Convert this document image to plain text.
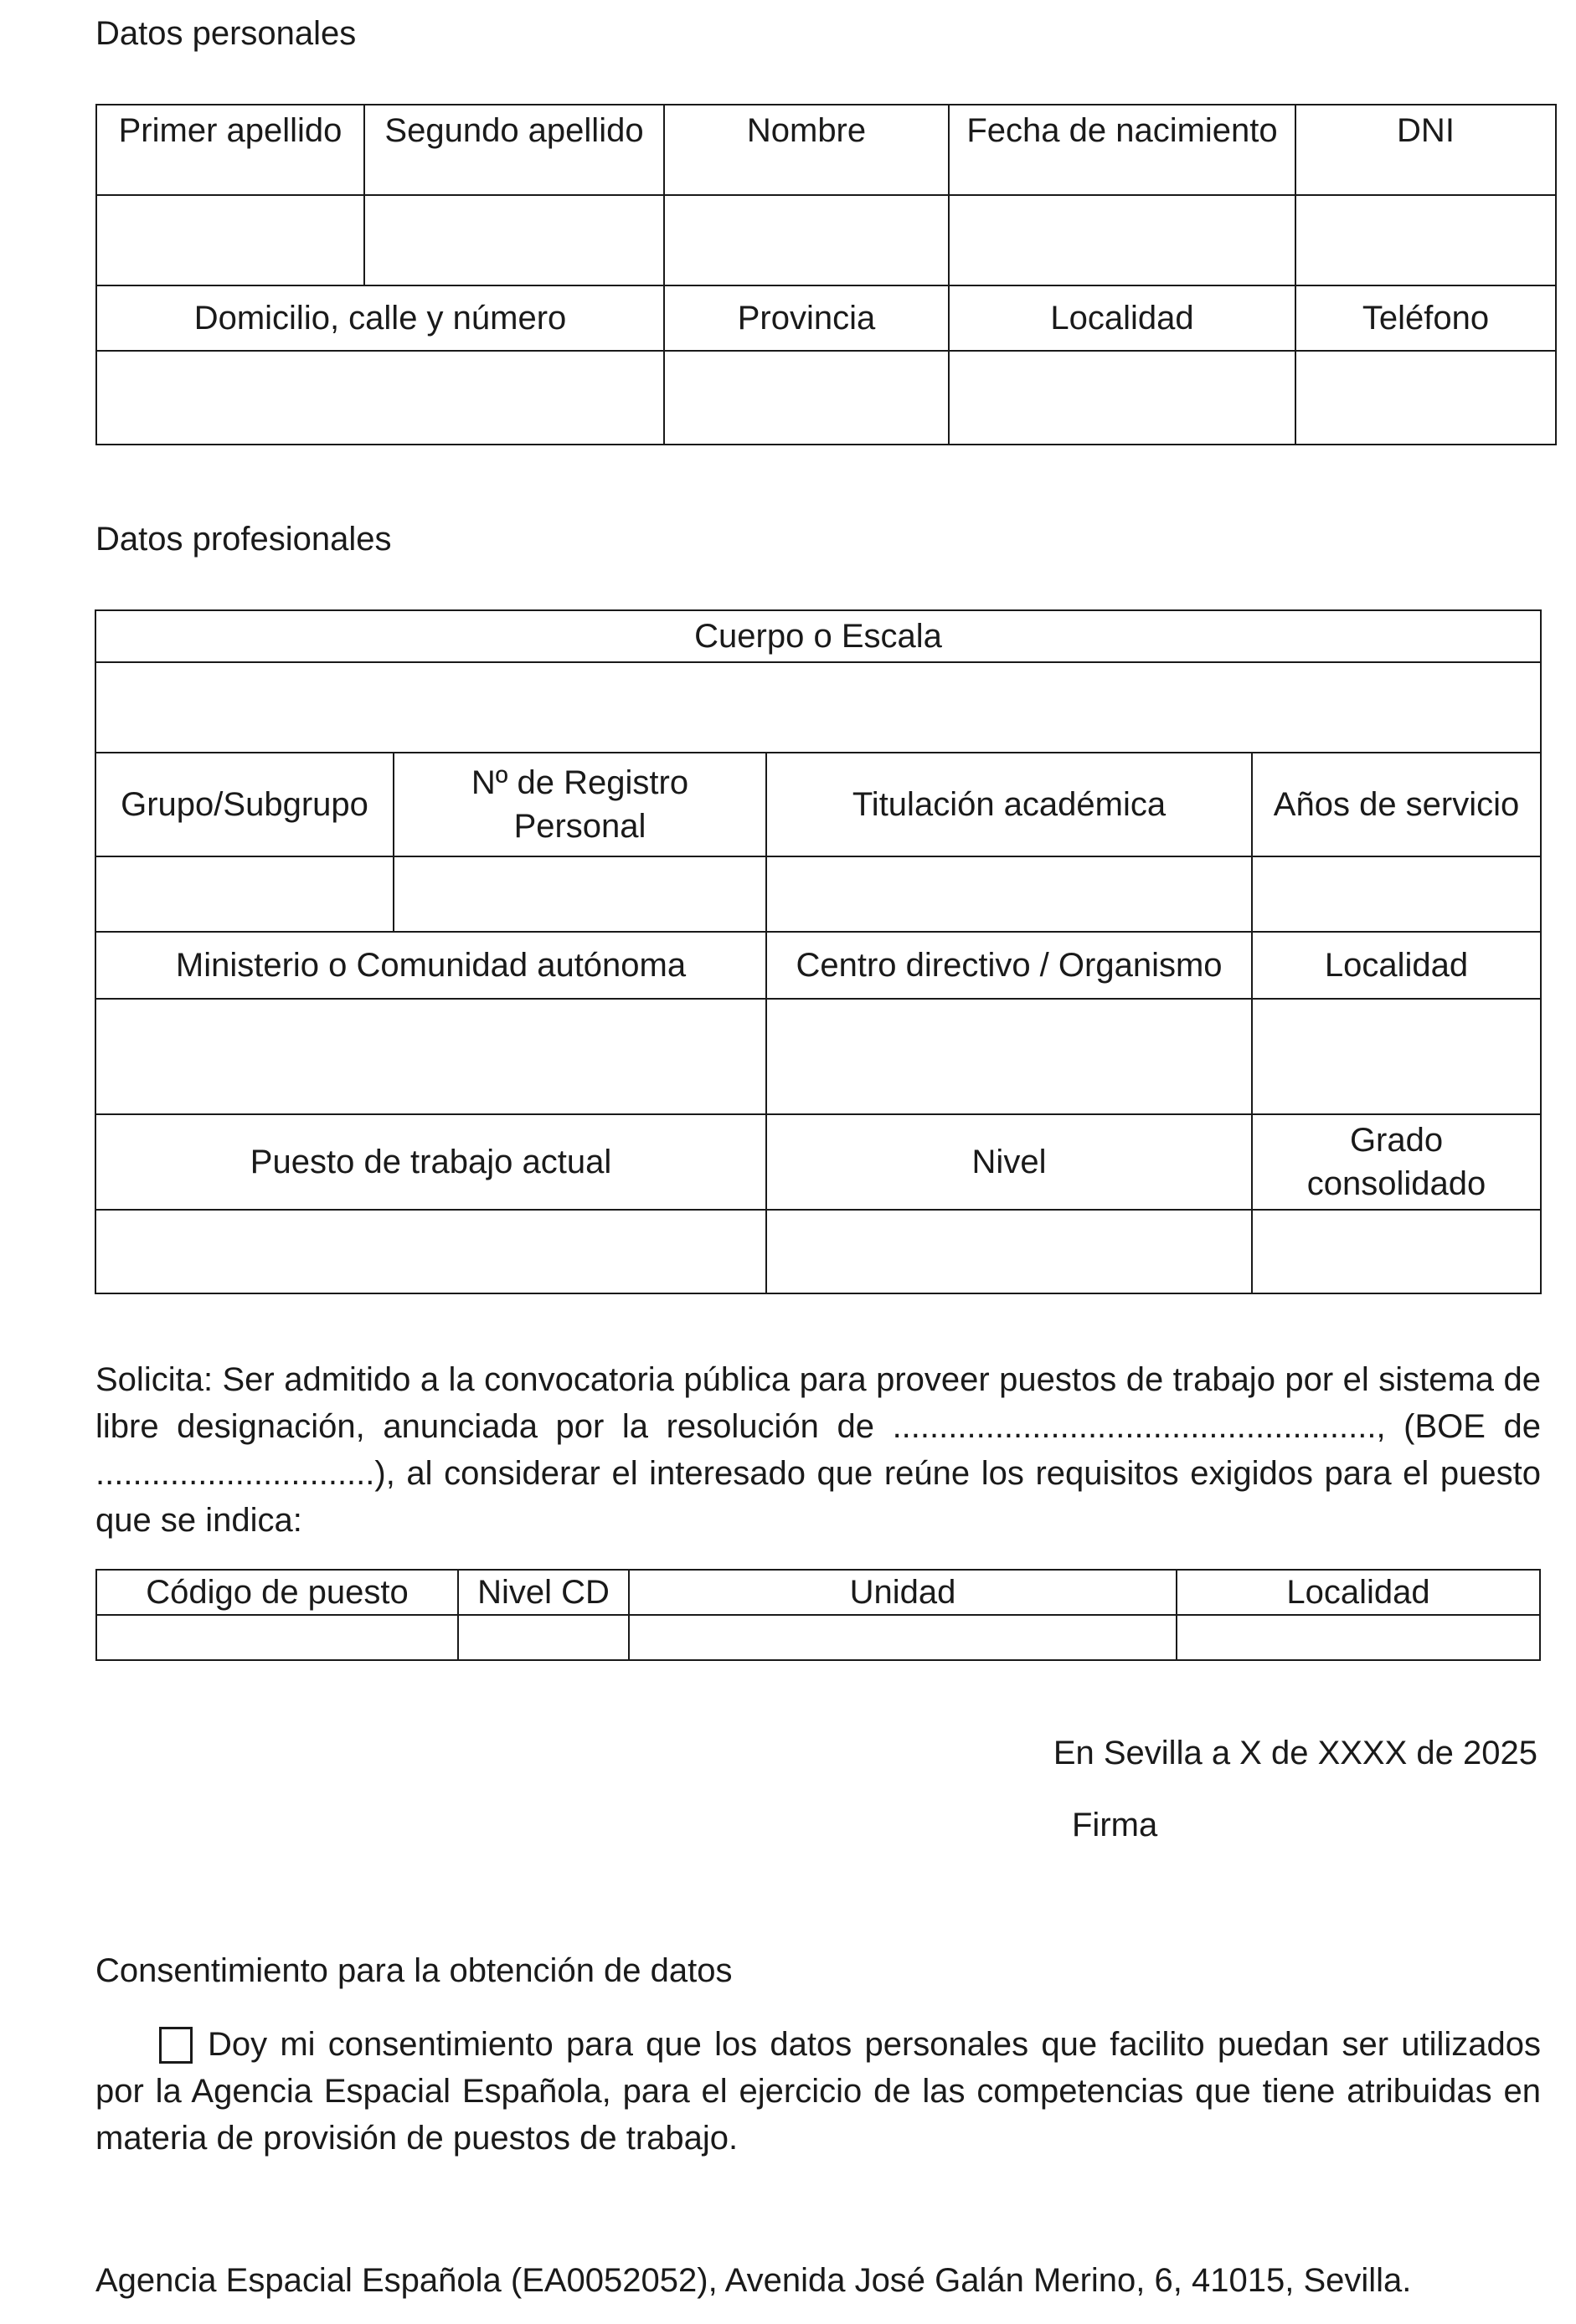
Datos personales
Primer apellido	Segundo apellido	Nombre	Fecha de nacimiento	DNI

Domicilio, calle y número		Provincia	Localidad	Teléfono

Datos profesionales
Cuerpo o Escala			

Grupo/Subgrupo	Nº de Registro Personal	Titulación académica	Años de servicio

Ministerio o Comunidad autónoma		Centro directivo / Organismo	Localidad

Puesto de trabajo actual		Nivel	Grado consolidado

Solicita: Ser admitido a la convocatoria pública para proveer puestos de trabajo por el sistema de libre designación, anunciada por la resolución de ...................................................., (BOE de ..............................), al considerar el interesado que reúne los requisitos exigidos para el puesto que se indica:
Código de puesto	Nivel CD	Unidad	Localidad

En Sevilla a X de XXXX de 2025
Firma
Consentimiento para la obtención de datos
Doy mi consentimiento para que los datos personales que facilito puedan ser utilizados por la Agencia Espacial Española, para el ejercicio de las competencias que tiene atribuidas en materia de provisión de puestos de trabajo.
Agencia Espacial Española (EA0052052), Avenida José Galán Merino, 6, 41015, Sevilla.
